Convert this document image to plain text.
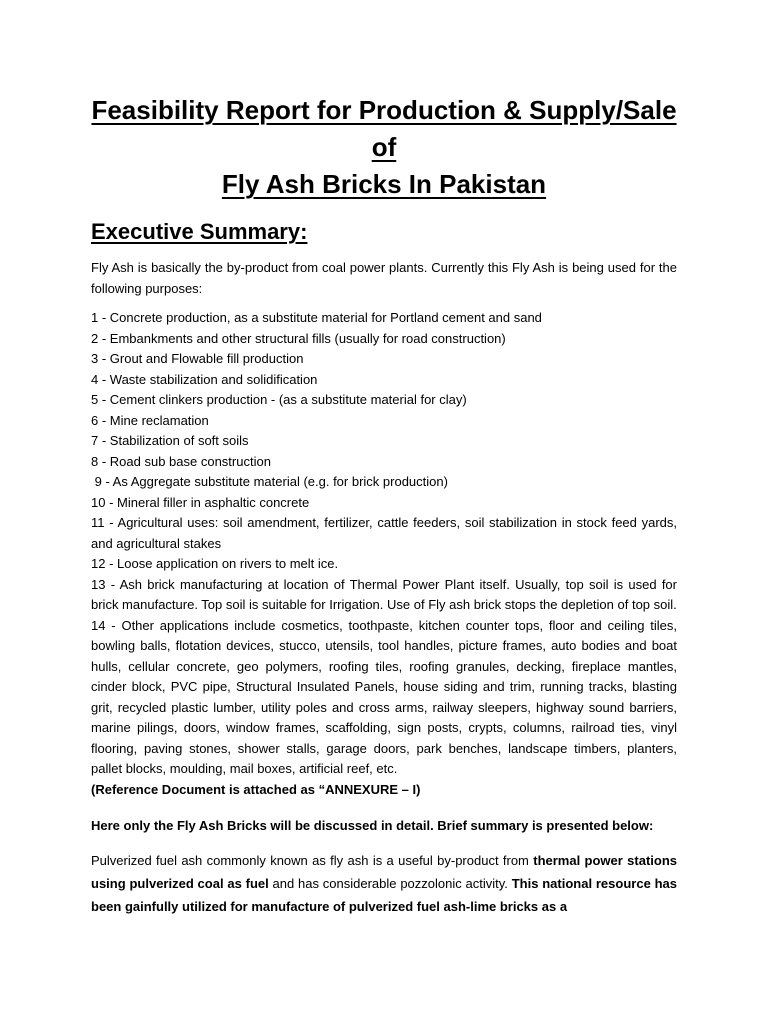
Feasibility Report for Production & Supply/Sale of
Fly Ash Bricks In Pakistan
Executive Summary:

Fly Ash is basically the by-product from coal power plants. Currently this Fly Ash is being used for the following purposes:

1 - Concrete production, as a substitute material for Portland cement and sand
2 - Embankments and other structural fills (usually for road construction)
3 - Grout and Flowable fill production
4 - Waste stabilization and solidification
5 - Cement clinkers production - (as a substitute material for clay)
6 - Mine reclamation
7 - Stabilization of soft soils
8 - Road sub base construction
9 - As Aggregate substitute material (e.g. for brick production)
10 - Mineral filler in asphaltic concrete
11 - Agricultural uses: soil amendment, fertilizer, cattle feeders, soil stabilization in stock feed yards, and agricultural stakes
12 - Loose application on rivers to melt ice.
13 - Ash brick manufacturing at location of Thermal Power Plant itself. Usually, top soil is used for brick manufacture. Top soil is suitable for Irrigation. Use of Fly ash brick stops the depletion of top soil.
14 - Other applications include cosmetics, toothpaste, kitchen counter tops, floor and ceiling tiles, bowling balls, flotation devices, stucco, utensils, tool handles, picture frames, auto bodies and boat hulls, cellular concrete, geo polymers, roofing tiles, roofing granules, decking, fireplace mantles, cinder block, PVC pipe, Structural Insulated Panels, house siding and trim, running tracks, blasting grit, recycled plastic lumber, utility poles and cross arms, railway sleepers, highway sound barriers, marine pilings, doors, window frames, scaffolding, sign posts, crypts, columns, railroad ties, vinyl flooring, paving stones, shower stalls, garage doors, park benches, landscape timbers, planters, pallet blocks, moulding, mail boxes, artificial reef, etc.

(Reference Document is attached as “ANNEXURE – I)

Here only the Fly Ash Bricks will be discussed in detail. Brief summary is presented below:

Pulverized fuel ash commonly known as fly ash is a useful by-product from thermal power stations using pulverized coal as fuel and has considerable pozzolonic activity. This national resource has been gainfully utilized for manufacture of pulverized fuel ash-lime bricks as a
